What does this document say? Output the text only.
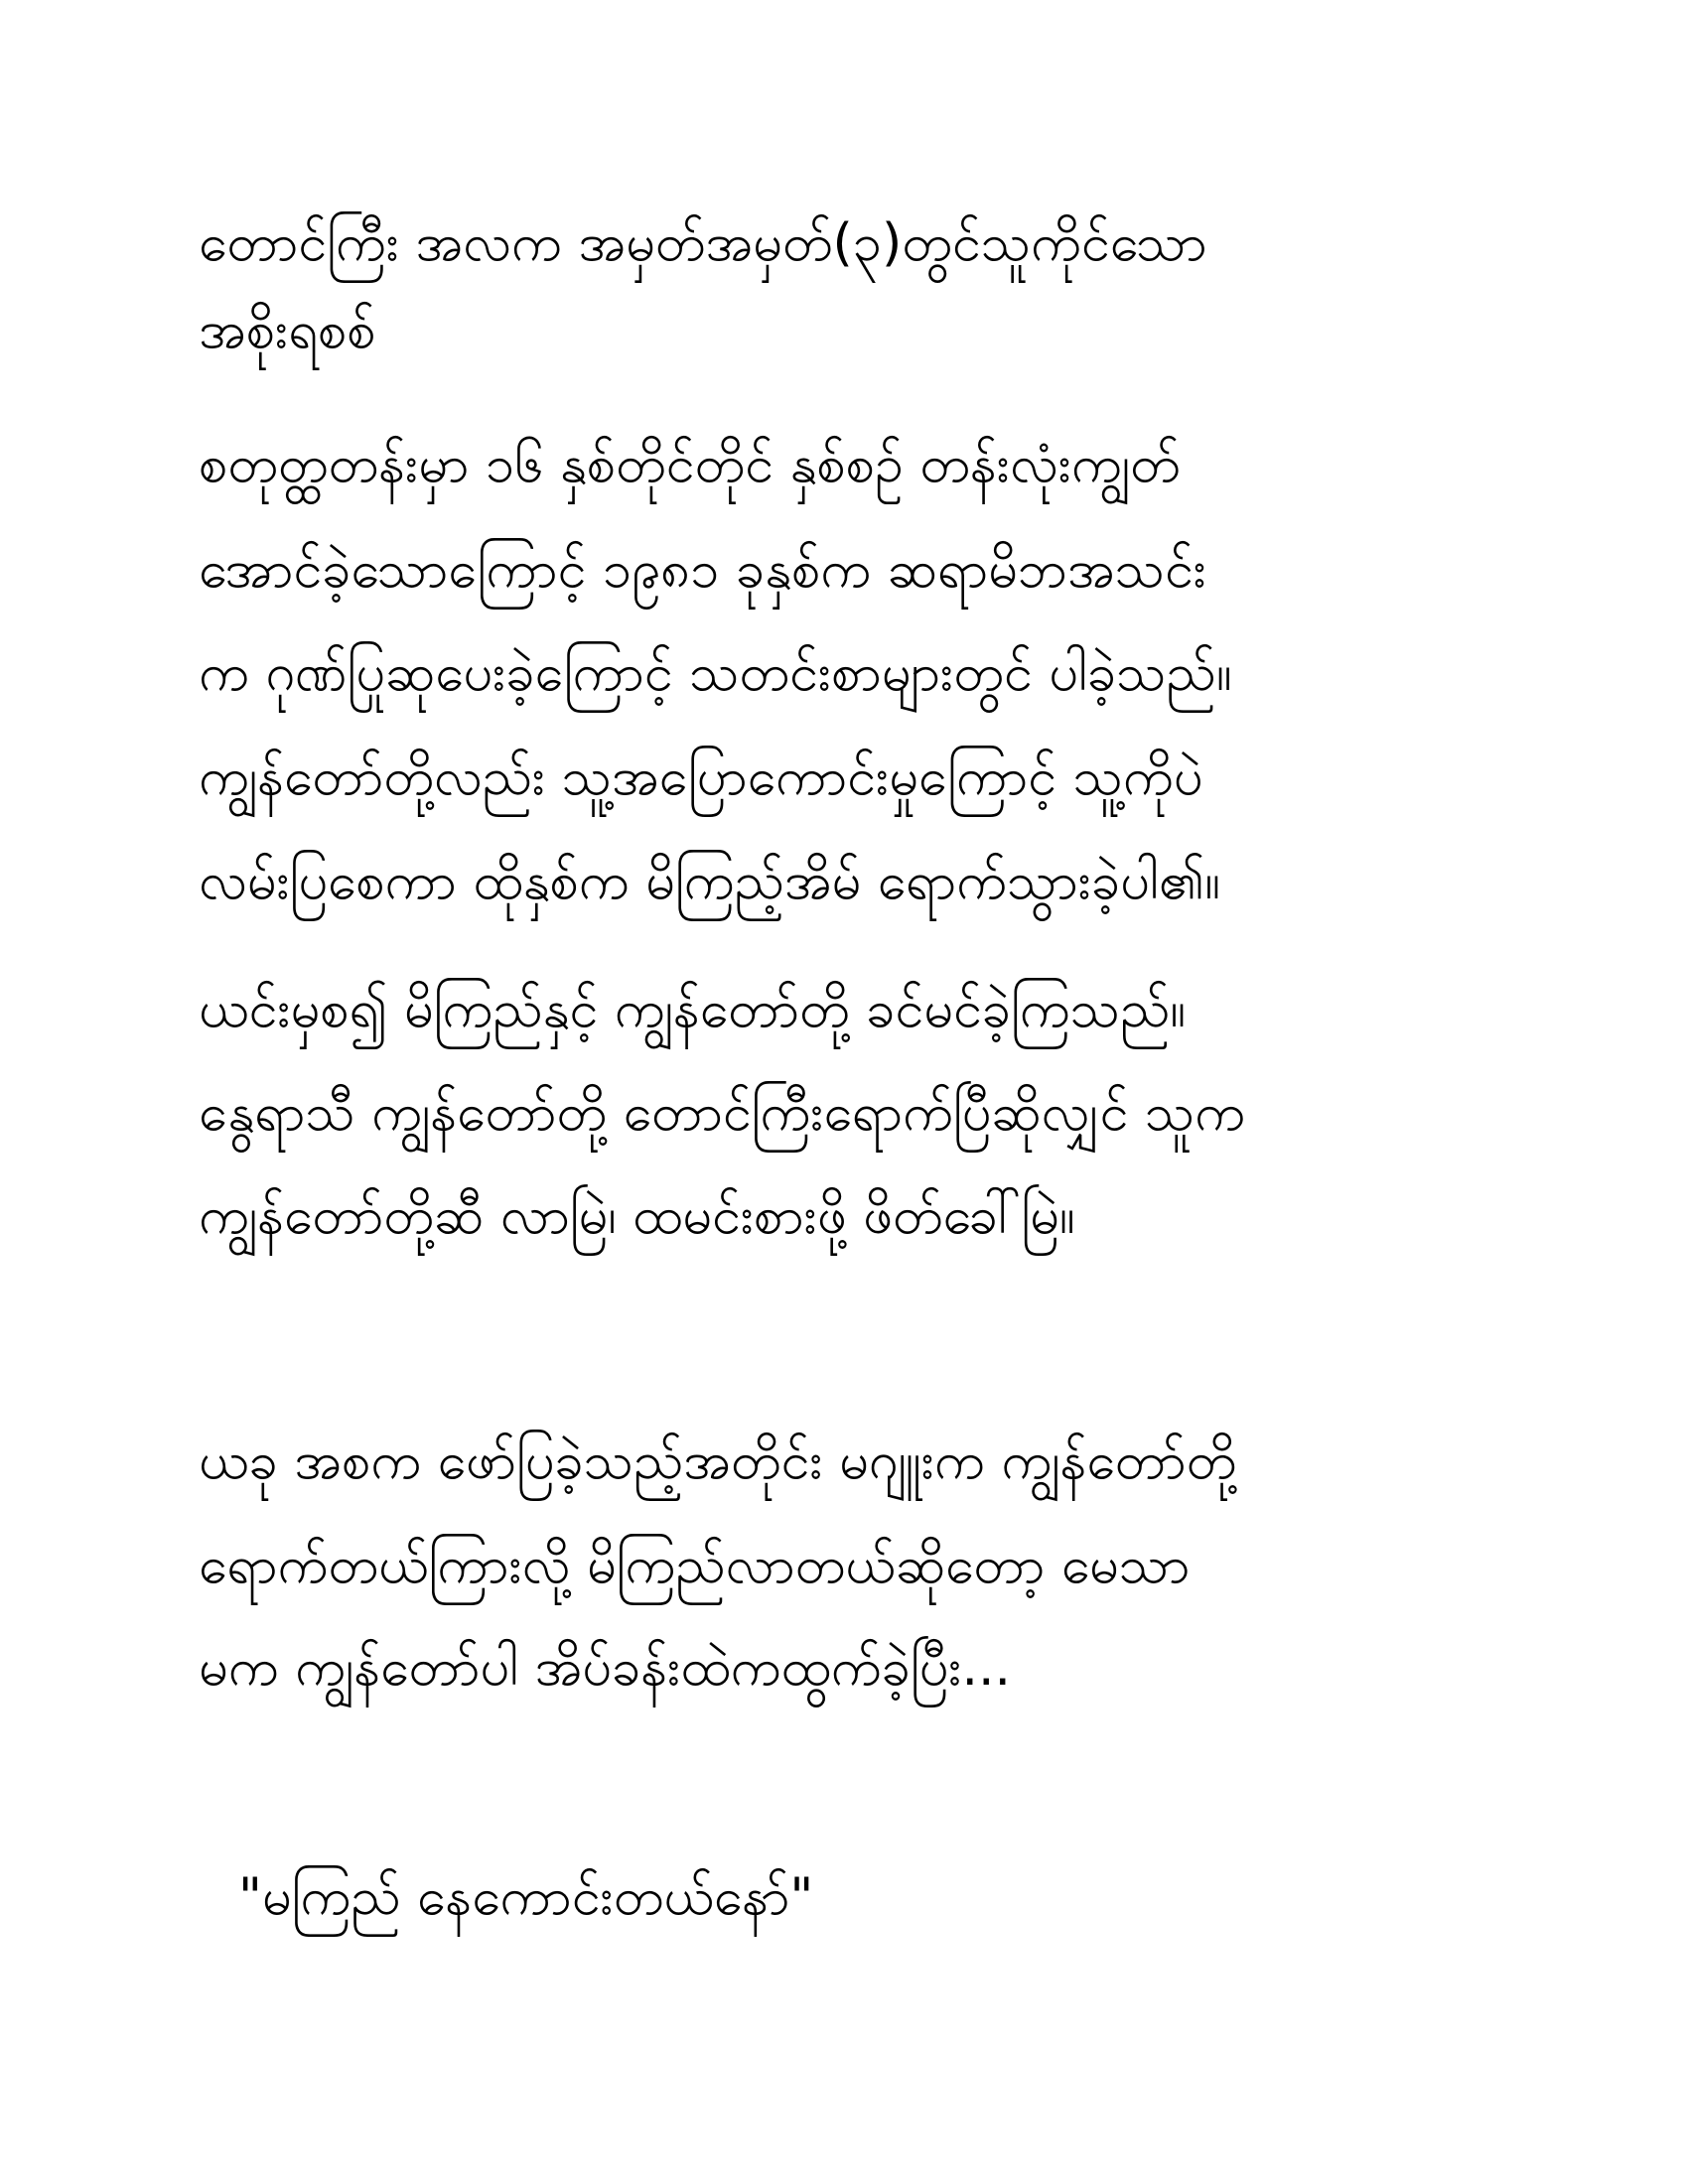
တောင်ကြီး အလက အမှတ်အမှတ်(၃)တွင်သူကိုင်သော
အစိုးရစစ်

စတုတ္ထတန်းမှာ ၁၆ နှစ်တိုင်တိုင် နှစ်စဉ် တန်းလုံးကျွတ်

အောင်ခဲ့သောကြောင့် ၁၉၈၁ ခုနှစ်က ဆရာမိဘအသင်း

က ဂုဏ်ပြုဆုပေးခဲ့ကြောင့် သတင်းစာများတွင် ပါခဲ့သည်။

ကျွန်တော်တို့လည်း သူ့အပြောကောင်းမှုကြောင့် သူ့ကိုပဲ

လမ်းပြစေကာ ထိုနှစ်က မိကြည့်အိမ် ရောက်သွားခဲ့ပါ၏။

ယင်းမှစ၍ မိကြည်နှင့် ကျွန်တော်တို့ ခင်မင်ခဲ့ကြသည်။

နွေရာသီ ကျွန်တော်တို့ တောင်ကြီးရောက်ပြီဆိုလျှင် သူက

ကျွန်တော်တို့ဆီ လာမြဲ၊ ထမင်းစားဖို့ ဖိတ်ခေါ်မြဲ။

ယခု အစက ဖော်ပြခဲ့သည့်အတိုင်း မဂျူးက ကျွန်တော်တို့

ရောက်တယ်ကြားလို့ မိကြည်လာတယ်ဆိုတော့ မေသာ

မက ကျွန်တော်ပါ အိပ်ခန်းထဲကထွက်ခဲ့ပြီး...

"မကြည် နေကောင်းတယ်နော်"
